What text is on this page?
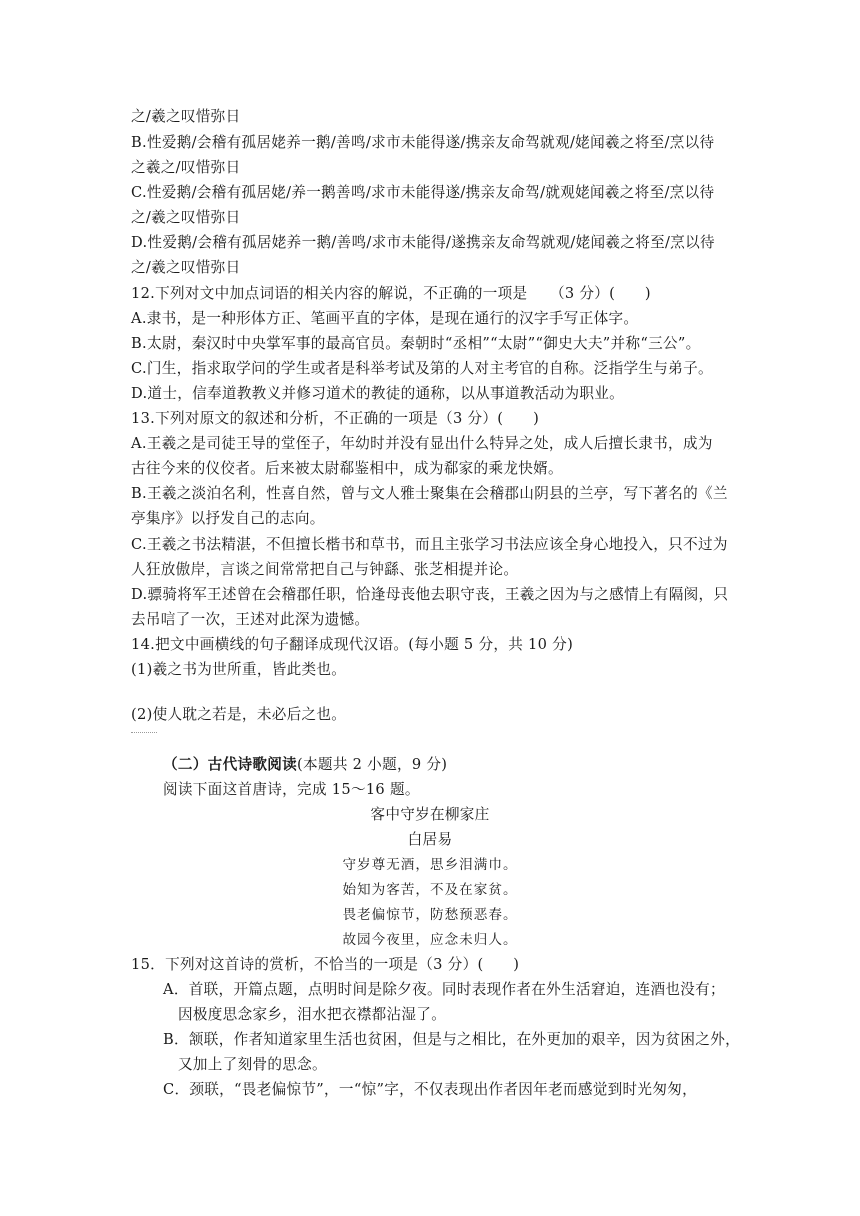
之/羲之叹惜弥日
B.性爱鹅/会稽有孤居姥养一鹅/善鸣/求市未能得遂/携亲友命驾就观/姥闻羲之将至/烹以待
之羲之/叹惜弥日
C.性爱鹅/会稽有孤居姥/养一鹅善鸣/求市未能得遂/携亲友命驾/就观姥闻羲之将至/烹以待
之/羲之叹惜弥日
D.性爱鹅/会稽有孤居姥养一鹅/善鸣/求市未能得/遂携亲友命驾就观/姥闻羲之将至/烹以待
之/羲之叹惜弥日
12.下列对文中加点词语的相关内容的解说，不正确的一项是　　（3 分）(　　)
A.隶书，是一种形体方正、笔画平直的字体，是现在通行的汉字手写正体字。
B.太尉，秦汉时中央掌军事的最高官员。秦朝时“丞相”“太尉”“御史大夫”并称“三公”。
C.门生，指求取学问的学生或者是科举考试及第的人对主考官的自称。泛指学生与弟子。
D.道士，信奉道教教义并修习道术的教徒的通称，以从事道教活动为职业。
13.下列对原文的叙述和分析，不正确的一项是（3 分）(　　)
A.王羲之是司徒王导的堂侄子，年幼时并没有显出什么特异之处，成人后擅长隶书，成为
古往今来的仪佼者。后来被太尉郗鉴相中，成为郗家的乘龙快婿。
B.王羲之淡泊名利，性喜自然，曾与文人雅士聚集在会稽郡山阴县的兰亭，写下著名的《兰
亭集序》以抒发自己的志向。
C.王羲之书法精湛，不但擅长楷书和草书，而且主张学习书法应该全身心地投入，只不过为
人狂放傲岸，言谈之间常常把自己与钟繇、张芝相提并论。
D.骠骑将军王述曾在会稽郡任职，恰逢母丧他去职守丧，王羲之因为与之感情上有隔阂，只
去吊唁了一次，王述对此深为遗憾。
14.把文中画横线的句子翻译成现代汉语。(每小题 5 分，共 10 分)
(1)羲之书为世所重，皆此类也。
(2)使人耽之若是，未必后之也。
（二）古代诗歌阅读(本题共 2 小题，9 分)
阅读下面这首唐诗，完成 15～16 题。
客中守岁在柳家庄
白居易
守岁尊无酒，思乡泪满巾。
始知为客苦，不及在家贫。
畏老偏惊节，防愁预恶春。
故园今夜里，应念未归人。
15．下列对这首诗的赏析，不恰当的一项是（3 分）(　　)
A．首联，开篇点题，点明时间是除夕夜。同时表现作者在外生活窘迫，连酒也没有；
因极度思念家乡，泪水把衣襟都沾湿了。
B．颔联，作者知道家里生活也贫困，但是与之相比，在外更加的艰辛，因为贫困之外，
又加上了刻骨的思念。
C．颈联，“畏老偏惊节”，一“惊”字，不仅表现出作者因年老而感觉到时光匆匆，
